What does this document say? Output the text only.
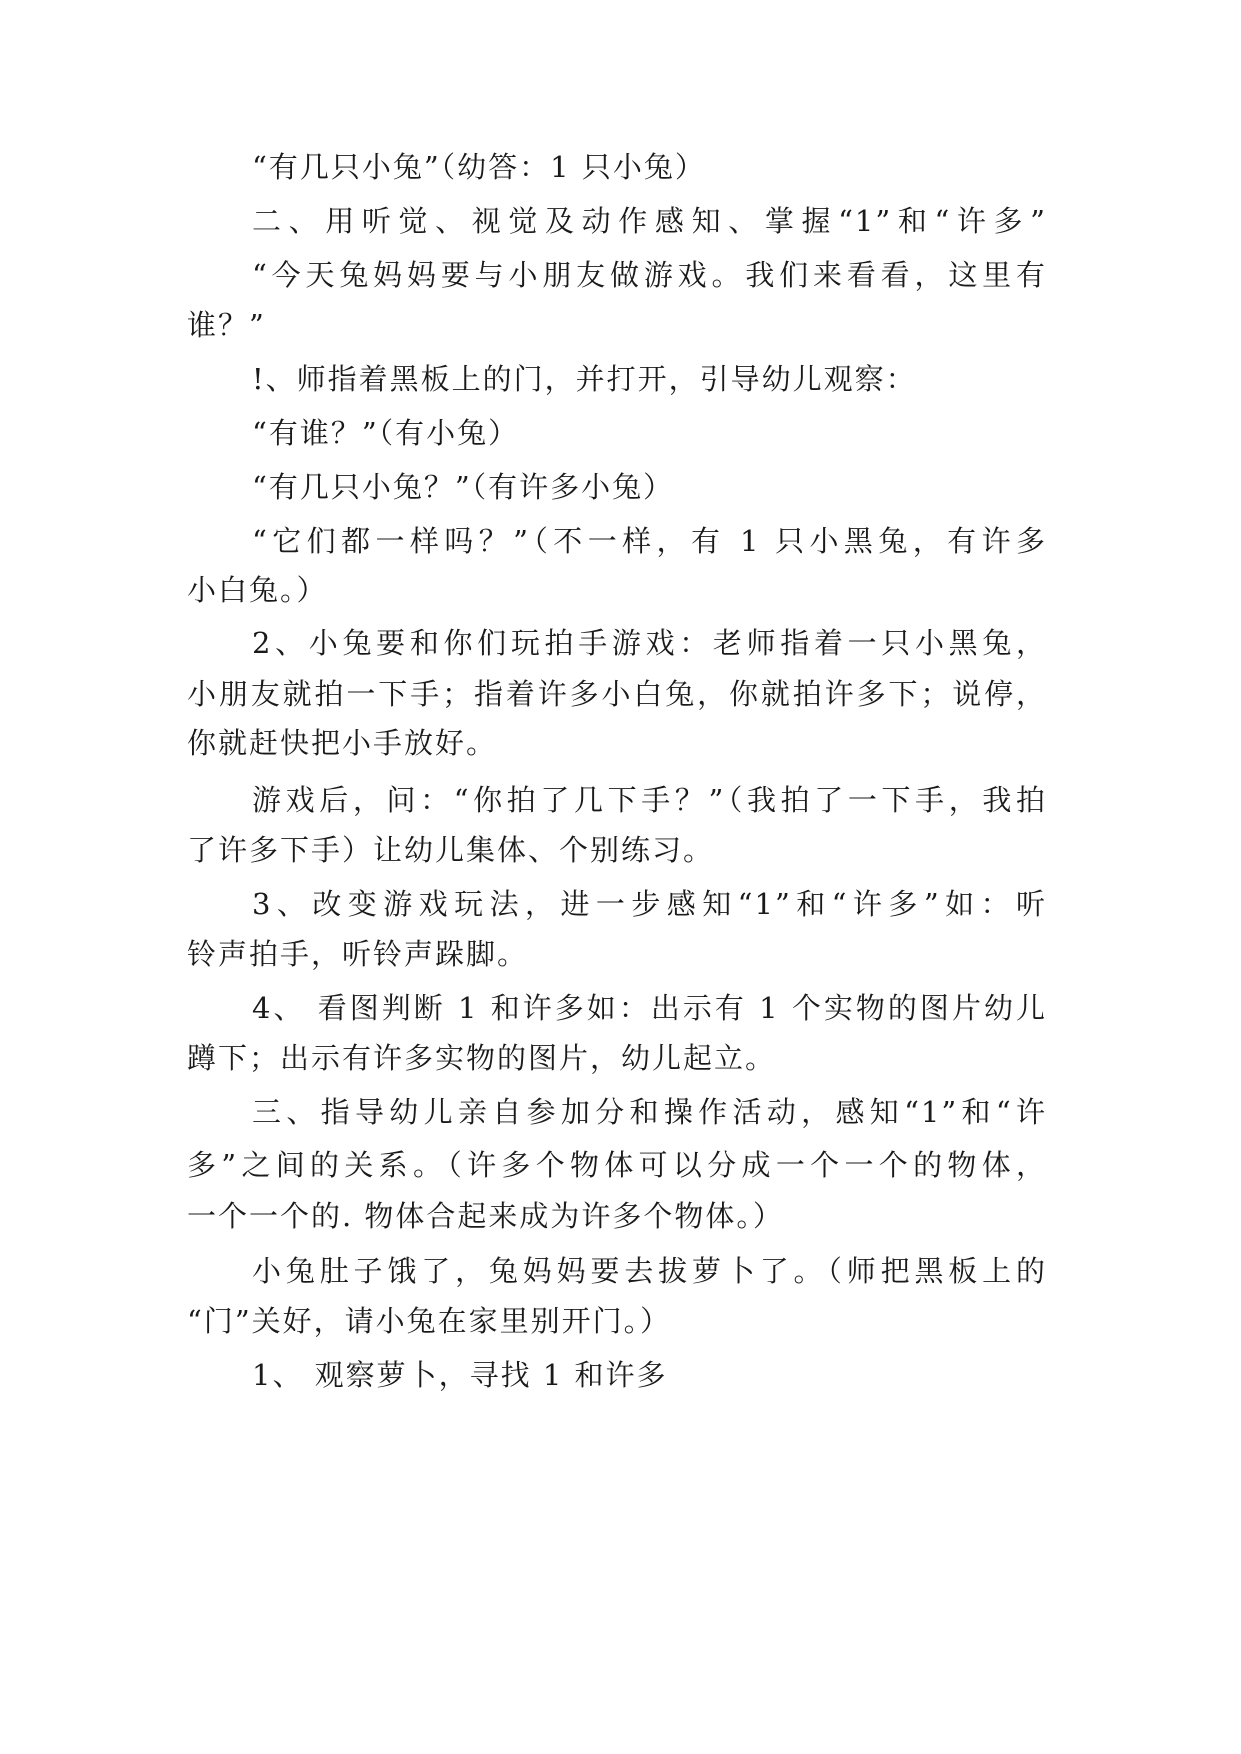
“有几只小兔”（幼答：1 只小兔）
二、用听觉、视觉及动作感知、掌握“1”和“许多”
“今天兔妈妈要与小朋友做游戏。我们来看看，这里有
谁？”
!、师指着黑板上的门，并打开，引导幼儿观察：
“有谁？”（有小兔）
“有几只小兔？”（有许多小兔）
“它们都一样吗？”（不一样，有 1 只小黑兔，有许多
小白兔。）
2、小兔要和你们玩拍手游戏：老师指着一只小黑兔，
小朋友就拍一下手；指着许多小白兔，你就拍许多下；说停，
你就赶快把小手放好。
游戏后，问：“你拍了几下手？”（我拍了一下手，我拍
了许多下手）让幼儿集体、个别练习。
3、改变游戏玩法，进一步感知“1”和“许多”如：听
铃声拍手，听铃声跺脚。
4、 看图判断 1 和许多如：出示有 1 个实物的图片幼儿
蹲下；出示有许多实物的图片，幼儿起立。
三、指导幼儿亲自参加分和操作活动，感知“1”和“许
多”之间的关系。（许多个物体可以分成一个一个的物体，
一个一个的. 物体合起来成为许多个物体。）
小兔肚子饿了，兔妈妈要去拔萝卜了。（师把黑板上的
“门”关好，请小兔在家里别开门。）
1、 观察萝卜，寻找 1 和许多
